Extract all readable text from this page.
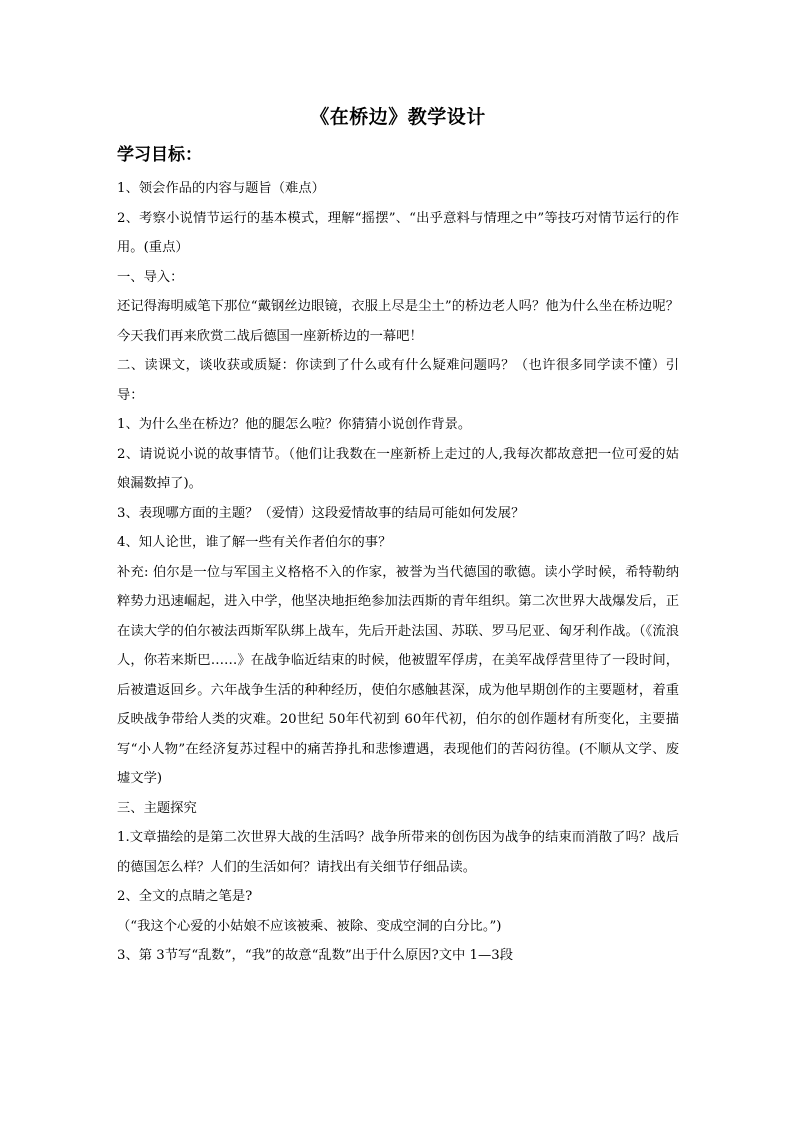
《在桥边》教学设计
学习目标：

1、领会作品的内容与题旨（难点）

2、考察小说情节运行的基本模式，理解“摇摆”、“出乎意料与情理之中”等技巧对情节运行的作用。(重点）

一、导入：

还记得海明威笔下那位“戴钢丝边眼镜，衣服上尽是尘土”的桥边老人吗？他为什么坐在桥边呢？今天我们再来欣赏二战后德国一座新桥边的一幕吧！

二、读课文，谈收获或质疑：你读到了什么或有什么疑难问题吗？（也许很多同学读不懂）引导：

1、为什么坐在桥边？他的腿怎么啦？你猜猜小说创作背景。

2、请说说小说的故事情节。（他们让我数在一座新桥上走过的人,我每次都故意把一位可爱的姑娘漏数掉了)。

3、表现哪方面的主题？（爱情）这段爱情故事的结局可能如何发展？

4、知人论世，谁了解一些有关作者伯尔的事？

补充: 伯尔是一位与军国主义格格不入的作家，被誉为当代德国的歌德。读小学时候，希特勒纳粹势力迅速崛起，进入中学，他坚决地拒绝参加法西斯的青年组织。第二次世界大战爆发后，正在读大学的伯尔被法西斯军队绑上战车，先后开赴法国、苏联、罗马尼亚、匈牙利作战。（《流浪人，你若来斯巴……》在战争临近结束的时候，他被盟军俘虏，在美军战俘营里待了一段时间，后被遣返回乡。六年战争生活的种种经历，使伯尔感触甚深，成为他早期创作的主要题材，着重反映战争带给人类的灾难。20世纪 50年代初到 60年代初，伯尔的创作题材有所变化，主要描写“小人物”在经济复苏过程中的痛苦挣扎和悲惨遭遇，表现他们的苦闷彷徨。(不顺从文学、废墟文学)

三、主题探究

1.文章描绘的是第二次世界大战的生活吗？战争所带来的创伤因为战争的结束而消散了吗？战后的德国怎么样？人们的生活如何？请找出有关细节仔细品读。

2、全文的点睛之笔是?

（“我这个心爱的小姑娘不应该被乘、被除、变成空洞的白分比。”)

3、第 3节写“乱数”，“我”的故意“乱数”出于什么原因?文中 1—3段
